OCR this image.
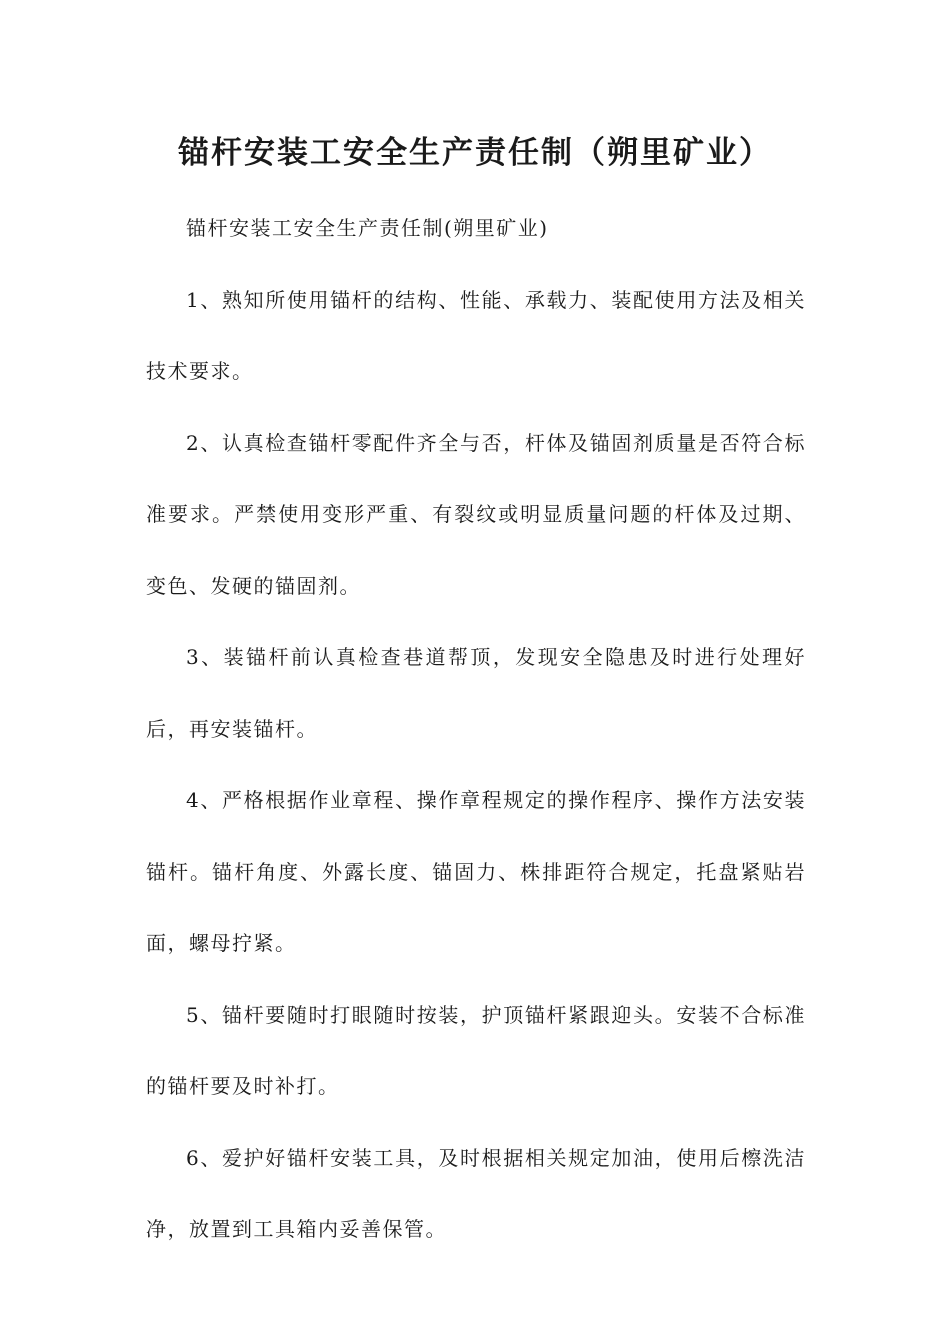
锚杆安装工安全生产责任制（朔里矿业）

锚杆安装工安全生产责任制(朔里矿业)

1、熟知所使用锚杆的结构、性能、承载力、装配使用方法及相关技术要求。

2、认真检查锚杆零配件齐全与否，杆体及锚固剂质量是否符合标准要求。严禁使用变形严重、有裂纹或明显质量问题的杆体及过期、变色、发硬的锚固剂。

3、装锚杆前认真检查巷道帮顶，发现安全隐患及时进行处理好后，再安装锚杆。

4、严格根据作业章程、操作章程规定的操作程序、操作方法安装锚杆。锚杆角度、外露长度、锚固力、株排距符合规定，托盘紧贴岩面，螺母拧紧。

5、锚杆要随时打眼随时按装，护顶锚杆紧跟迎头。安装不合标准的锚杆要及时补打。

6、爱护好锚杆安装工具，及时根据相关规定加油，使用后檫洗洁净，放置到工具箱内妥善保管。
